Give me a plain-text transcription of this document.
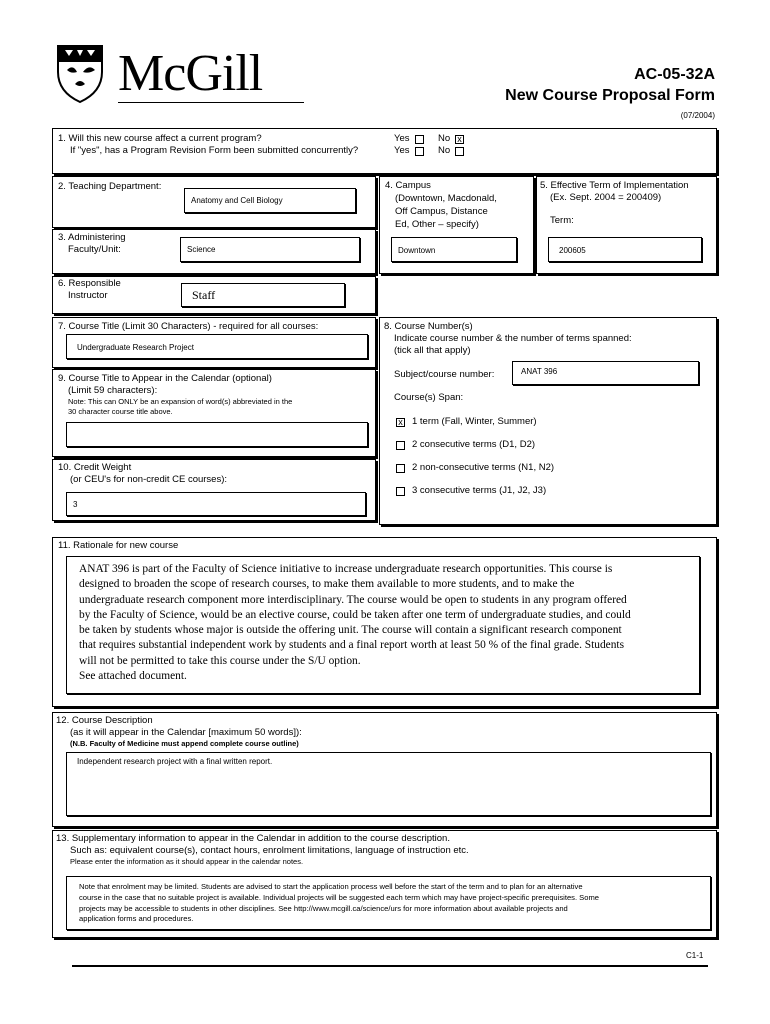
McGill	AC-05-32A
New Course Proposal Form
(07/2004)
1. Will this new course affect a current program?
If "yes", has a Program Revision Form been submitted concurrently?
Yes	No x
Yes	No
2. Teaching Department:
Anatomy and Cell Biology
3. Administering
Faculty/Unit:	Science
4. Campus
(Downtown, Macdonald,
Off Campus, Distance
Ed, Other – specify)
Downtown
5. Effective Term of Implementation
(Ex. Sept. 2004 = 200409)
Term:
200605
6. Responsible
Instructor	Staff
7. Course Title (Limit 30 Characters) - required for all courses:
Undergraduate Research Project
9. Course Title to Appear in the Calendar (optional)
(Limit 59 characters):
Note: This can ONLY be an expansion of word(s) abbreviated in the
30 character course title above.
10. Credit Weight
(or CEU's for non-credit CE courses):
3
8. Course Number(s)
Indicate course number & the number of terms spanned:
(tick all that apply)
Subject/course number:	ANAT 396
Course(s) Span:
x 1 term (Fall, Winter, Summer)
2 consecutive terms (D1, D2)
2 non-consecutive terms (N1, N2)
3 consecutive terms (J1, J2, J3)
11. Rationale for new course
ANAT 396 is part of the Faculty of Science initiative to increase undergraduate research opportunities. This course is
designed to broaden the scope of research courses, to make them available to more students, and to make the
undergraduate research component more interdisciplinary. The course would be open to students in any program offered
by the Faculty of Science, would be an elective course, could be taken after one term of undergraduate studies, and could
be taken by students whose major is outside the offering unit. The course will contain a significant research component
that requires substantial independent work by students and a final report worth at least 50 % of the final grade. Students
will not be permitted to take this course under the S/U option.
See attached document.
12. Course Description
(as it will appear in the Calendar [maximum 50 words]):
(N.B. Faculty of Medicine must append complete course outline)
Independent research project with a final written report.
13. Supplementary information to appear in the Calendar in addition to the course description.
Such as: equivalent course(s), contact hours, enrolment limitations, language of instruction etc.
Please enter the information as it should appear in the calendar notes.
Note that enrolment may be limited. Students are advised to start the application process well before the start of the term and to plan for an alternative
course in the case that no suitable project is available. Individual projects will be suggested each term which may have project-specific prerequisites. Some
projects may be accessible to students in other disciplines. See http://www.mcgill.ca/science/urs for more information about available projects and
application forms and procedures.
C1-1
